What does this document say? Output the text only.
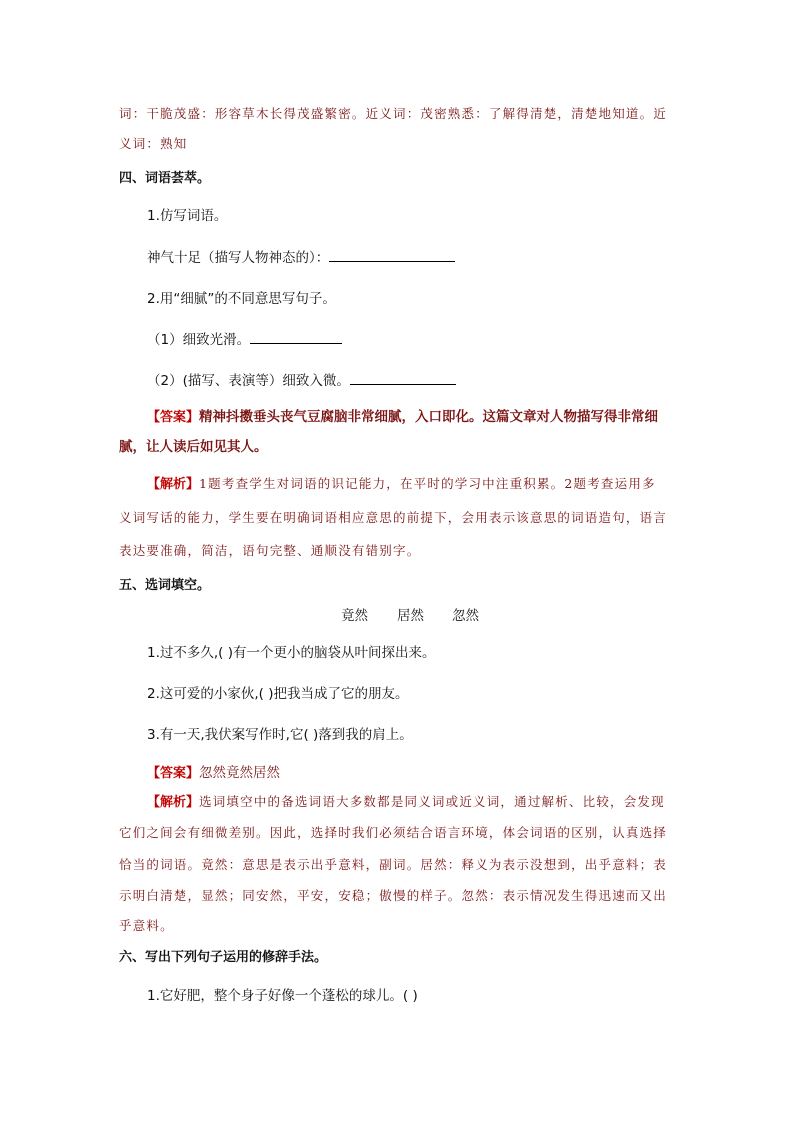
词：干脆茂盛：形容草木长得茂盛繁密。近义词：茂密熟悉：了解得清楚，清楚地知道。近
义词：熟知
四、词语荟萃。
1.仿写词语。
神气十足（描写人物神态的）：
2.用“细腻”的不同意思写句子。
（1）细致光滑。
（2）(描写、表演等）细致入微。
【答案】精神抖擞垂头丧气豆腐脑非常细腻，入口即化。这篇文章对人物描写得非常细
腻，让人读后如见其人。
【解析】1题考查学生对词语的识记能力，在平时的学习中注重积累。2题考查运用多
义词写话的能力，学生要在明确词语相应意思的前提下，会用表示该意思的词语造句，语言
表达要准确，简洁，语句完整、通顺没有错别字。
五、选词填空。
竟然 居然 忽然
1.过不多久,( )有一个更小的脑袋从叶间探出来。
2.这可爱的小家伙,( )把我当成了它的朋友。
3.有一天,我伏案写作时,它( )落到我的肩上。
【答案】忽然竟然居然
【解析】选词填空中的备选词语大多数都是同义词或近义词，通过解析、比较，会发现
它们之间会有细微差别。因此，选择时我们必须结合语言环境，体会词语的区别，认真选择
恰当的词语。竟然：意思是表示出乎意料，副词。居然：释义为表示没想到，出乎意料；表
示明白清楚，显然；同安然，平安，安稳；傲慢的样子。忽然：表示情况发生得迅速而又出
乎意料。
六、写出下列句子运用的修辞手法。
1.它好肥，整个身子好像一个蓬松的球儿。( )
